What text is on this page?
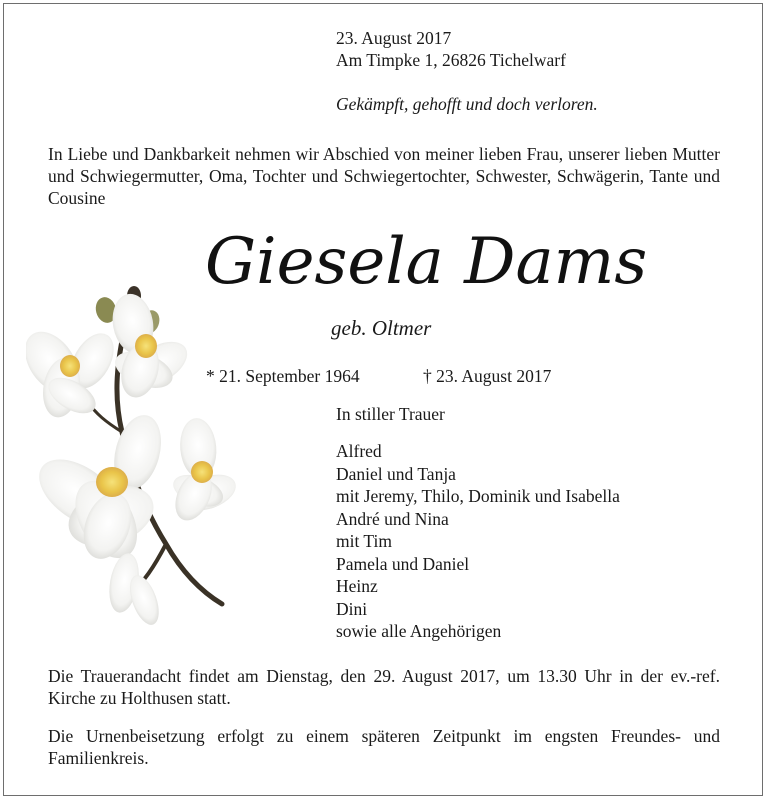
23. August 2017
Am Timpke 1, 26826 Tichelwarf
Gekämpft, gehofft und doch verloren.
In Liebe und Dankbarkeit nehmen wir Abschied von meiner lieben Frau, unserer lieben Mutter und Schwiegermutter, Oma, Tochter und Schwiegertochter, Schwester, Schwägerin, Tante und Cousine
Giesela Dams
geb. Oltmer
* 21. September 1964	† 23. August 2017
In stiller Trauer
Alfred
Daniel und Tanja
mit Jeremy, Thilo, Dominik und Isabella
André und Nina
mit Tim
Pamela und Daniel
Heinz
Dini
sowie alle Angehörigen
Die Trauerandacht findet am Dienstag, den 29. August 2017, um 13.30 Uhr in der ev.-ref. Kirche zu Holthusen statt.
Die Urnenbeisetzung erfolgt zu einem späteren Zeitpunkt im engsten Freundes- und Familienkreis.
